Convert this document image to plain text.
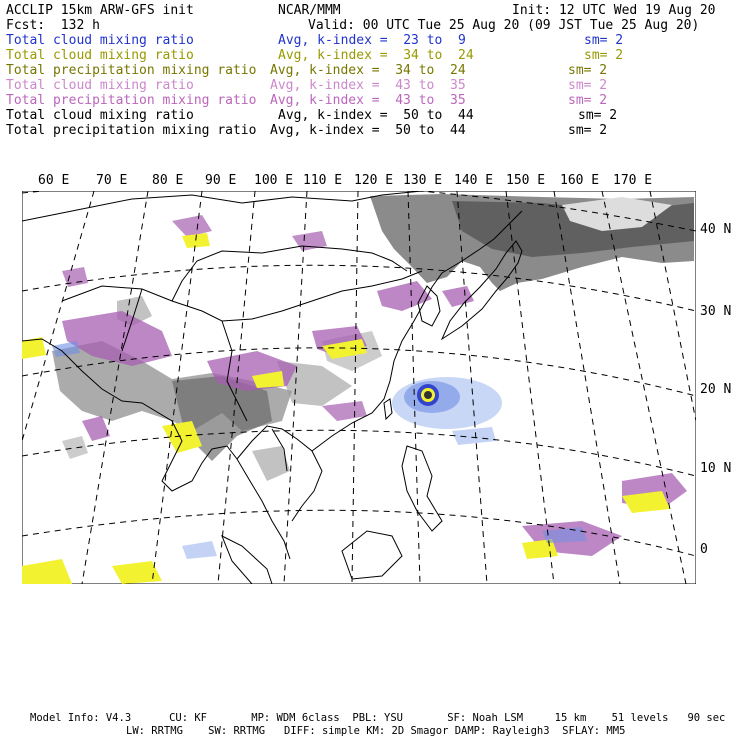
ACCLIP 15km ARW-GFS init	NCAR/MMM	Init: 12 UTC Wed 19 Aug 20
Fcst:  132 h	Valid: 00 UTC Tue 25 Aug 20 (09 JST Tue 25 Aug 20)
Total cloud mixing ratio	Avg, k-index =  23 to  9	sm= 2
Total cloud mixing ratio	Avg, k-index =  34 to  24	sm= 2
Total precipitation mixing ratio Avg, k-index =  34 to  24	sm= 2
Total cloud mixing ratio	Avg, k-index =  43 to  35	sm= 2
Total precipitation mixing ratio Avg, k-index =  43 to  35	sm= 2
Total cloud mixing ratio	Avg, k-index =  50 to  44	sm= 2
Total precipitation mixing ratio Avg, k-index =  50 to  44	sm= 2
60 E 70 E 80 E 90 E 100 E 110 E 120 E 130 E 140 E 150 E 160 E 170 E
40 N
30 N
20 N
10 N
0
Model Info: V4.3      CU: KF       MP: WDM 6class  PBL: YSU       SF: Noah LSM     15 km    51 levels   90 sec
LW: RRTMG    SW: RRTMG   DIFF: simple KM: 2D Smagor DAMP: Rayleigh3  SFLAY: MM5
